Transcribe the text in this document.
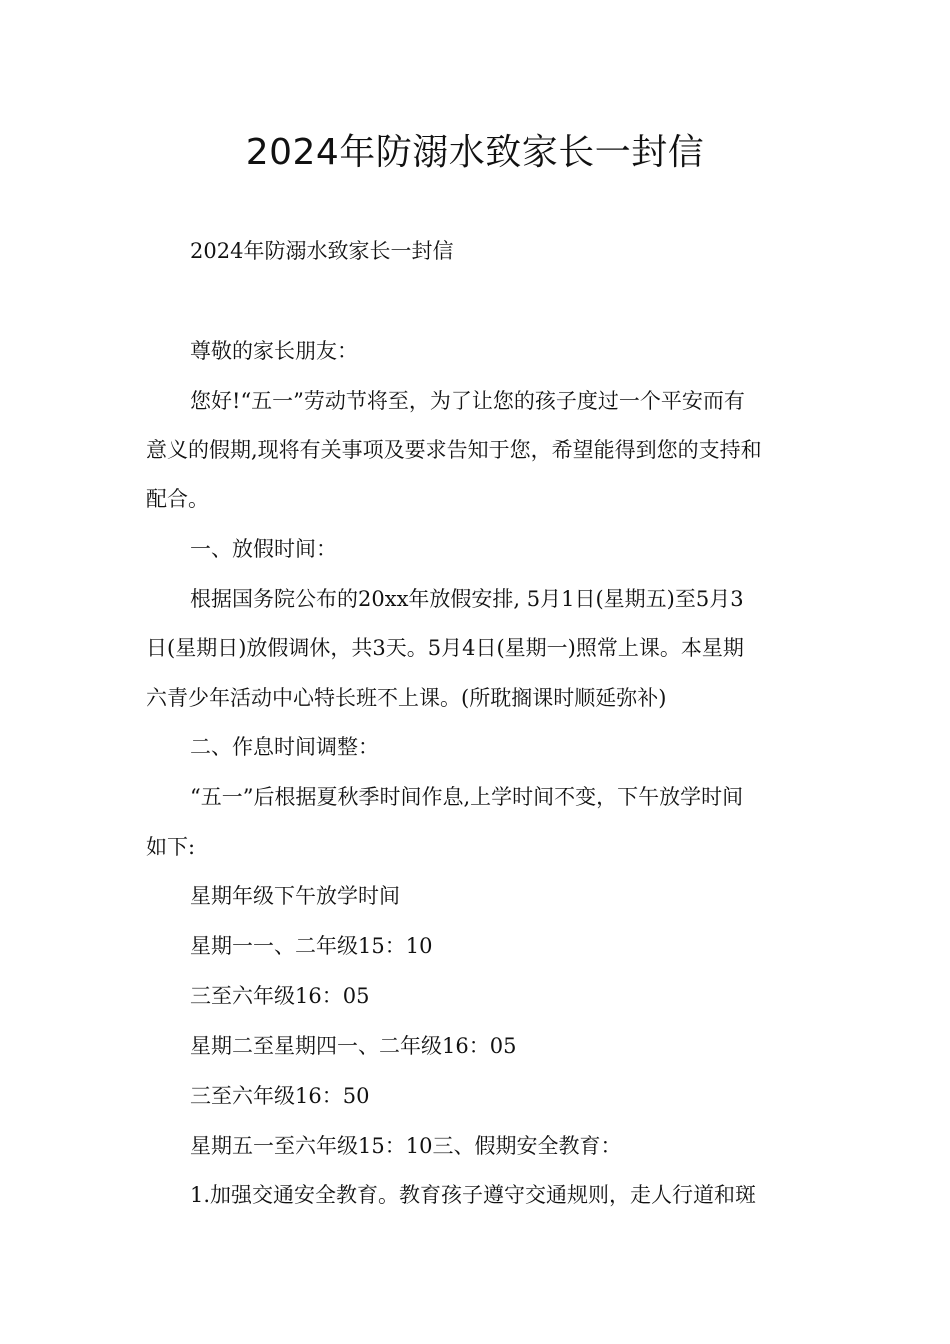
2024年防溺水致家长一封信

2024年防溺水致家长一封信

尊敬的家长朋友：

您好!“五一”劳动节将至，为了让您的孩子度过一个平安而有

意义的假期,现将有关事项及要求告知于您，希望能得到您的支持和

配合。

一、放假时间：

根据国务院公布的20xx年放假安排, 5月1日(星期五)至5月3

日(星期日)放假调休，共3天。5月4日(星期一)照常上课。本星期

六青少年活动中心特长班不上课。(所耽搁课时顺延弥补)

二、作息时间调整：

“五一”后根据夏秋季时间作息,上学时间不变，下午放学时间

如下:

星期年级下午放学时间

星期一一、二年级15：10

三至六年级16：05

星期二至星期四一、二年级16：05

三至六年级16：50

星期五一至六年级15：10三、假期安全教育：

1.加强交通安全教育。教育孩子遵守交通规则，走人行道和斑
